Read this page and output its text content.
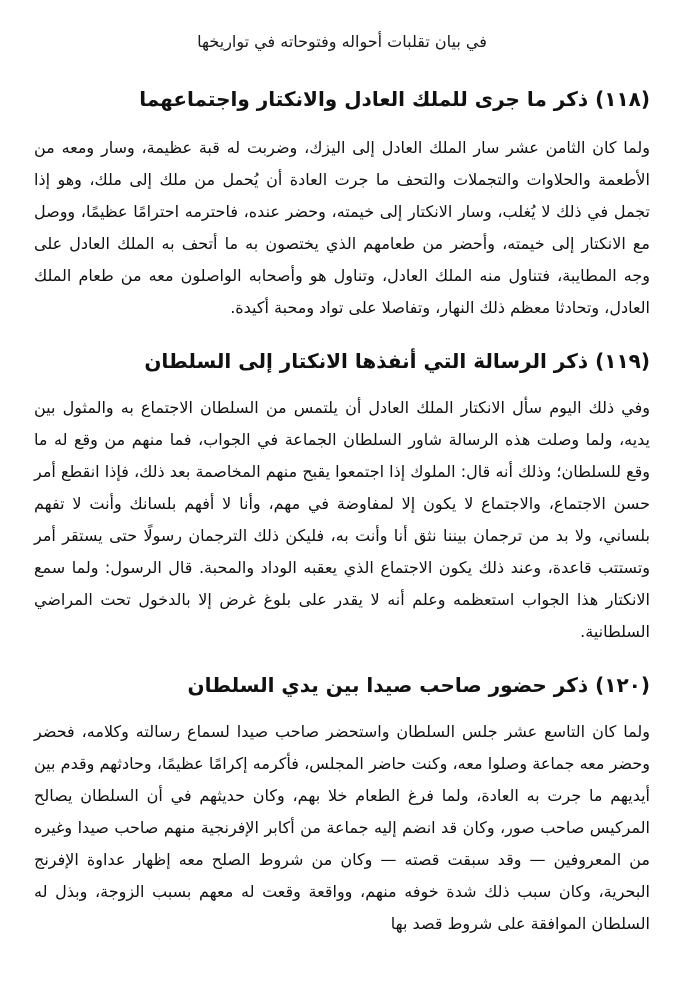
في بيان تقلبات أحواله وفتوحاته في تواريخها
(١١٨) ذكر ما جرى للملك العادل والانكتار واجتماعهما

ولما كان الثامن عشر سار الملك العادل إلى اليزك، وضربت له قبة عظيمة، وسار ومعه من الأطعمة والحلاوات والتجملات والتحف ما جرت العادة أن يُحمل من ملك إلى ملك، وهو إذا تجمل في ذلك لا يُغلب، وسار الانكتار إلى خيمته، وحضر عنده، فاحترمه احترامًا عظيمًا، ووصل مع الانكتار إلى خيمته، وأحضر من طعامهم الذي يختصون به ما أتحف به الملك العادل على وجه المطايبة، فتناول منه الملك العادل، وتناول هو وأصحابه الواصلون معه من طعام الملك العادل، وتحادثا معظم ذلك النهار، وتفاصلا على تواد ومحبة أكيدة.

(١١٩) ذكر الرسالة التي أنفذها الانكتار إلى السلطان

وفي ذلك اليوم سأل الانكتار الملك العادل أن يلتمس من السلطان الاجتماع به والمثول بين يديه، ولما وصلت هذه الرسالة شاور السلطان الجماعة في الجواب، فما منهم من وقع له ما وقع للسلطان؛ وذلك أنه قال: الملوك إذا اجتمعوا يقبح منهم المخاصمة بعد ذلك، فإذا انقطع أمر حسن الاجتماع، والاجتماع لا يكون إلا لمفاوضة في مهم، وأنا لا أفهم بلسانك وأنت لا تفهم بلساني، ولا بد من ترجمان بيننا نثق أنا وأنت به، فليكن ذلك الترجمان رسولًا حتى يستقر أمر وتستتب قاعدة، وعند ذلك يكون الاجتماع الذي يعقبه الوداد والمحبة. قال الرسول: ولما سمع الانكتار هذا الجواب استعظمه وعلم أنه لا يقدر على بلوغ غرض إلا بالدخول تحت المراضي السلطانية.

(١٢٠) ذكر حضور صاحب صيدا بين يدي السلطان

ولما كان التاسع عشر جلس السلطان واستحضر صاحب صيدا لسماع رسالته وكلامه، فحضر وحضر معه جماعة وصلوا معه، وكنت حاضر المجلس، فأكرمه إكرامًا عظيمًا، وحادثهم وقدم بين أيديهم ما جرت به العادة، ولما فرغ الطعام خلا بهم، وكان حديثهم في أن السلطان يصالح المركيس صاحب صور، وكان قد انضم إليه جماعة من أكابر الإفرنجية منهم صاحب صيدا وغيره من المعروفين — وقد سبقت قصته — وكان من شروط الصلح معه إظهار عداوة الإفرنج البحرية، وكان سبب ذلك شدة خوفه منهم، وواقعة وقعت له معهم بسبب الزوجة، وبذل له السلطان الموافقة على شروط قصد بها
